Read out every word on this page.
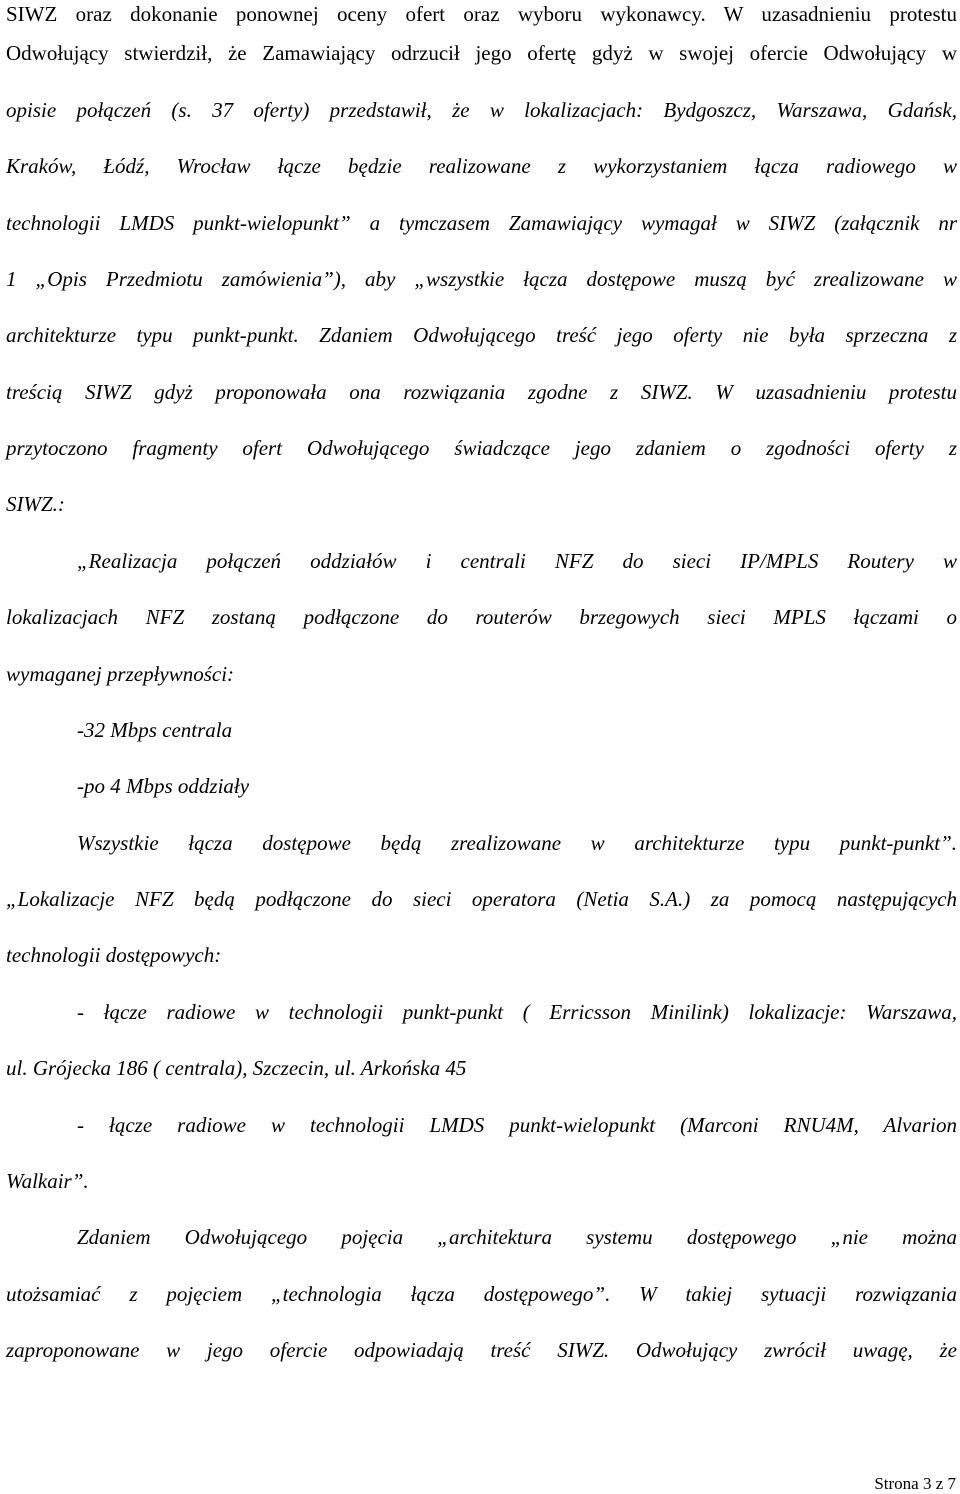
SIWZ oraz dokonanie ponownej oceny ofert oraz wyboru wykonawcy. W uzasadnieniu protestu
Odwołujący stwierdził, że Zamawiający odrzucił jego ofertę gdyż w swojej ofercie Odwołujący w
opisie połączeń (s. 37 oferty) przedstawił, że w lokalizacjach: Bydgoszcz, Warszawa, Gdańsk,
Kraków, Łódź, Wrocław łącze będzie realizowane z wykorzystaniem łącza radiowego w
technologii LMDS punkt-wielopunkt” a tymczasem Zamawiający wymagał w SIWZ (załącznik nr
1 „Opis Przedmiotu zamówienia”), aby „wszystkie łącza dostępowe muszą być zrealizowane w
architekturze typu punkt-punkt. Zdaniem Odwołującego treść jego oferty nie była sprzeczna z
treścią SIWZ gdyż proponowała ona rozwiązania zgodne z SIWZ. W uzasadnieniu protestu
przytoczono fragmenty ofert Odwołującego świadczące jego zdaniem o zgodności oferty z
SIWZ.:
„Realizacja połączeń oddziałów i centrali NFZ do sieci IP/MPLS Routery w
lokalizacjach NFZ zostaną podłączone do routerów brzegowych sieci MPLS łączami o
wymaganej przepływności:
-32 Mbps centrala
-po 4 Mbps oddziały
Wszystkie łącza dostępowe będą zrealizowane w architekturze typu punkt-punkt”.
„Lokalizacje NFZ będą podłączone do sieci operatora (Netia S.A.) za pomocą następujących
technologii dostępowych:
- łącze radiowe w technologii punkt-punkt ( Erricsson Minilink) lokalizacje: Warszawa,
ul. Grójecka 186 ( centrala), Szczecin, ul. Arkońska 45
- łącze radiowe w technologii LMDS punkt-wielopunkt (Marconi RNU4M, Alvarion
Walkair”.
Zdaniem Odwołującego pojęcia „architektura systemu dostępowego „nie można
utożsamiać z pojęciem „technologia łącza dostępowego”. W takiej sytuacji rozwiązania
zaproponowane w jego ofercie odpowiadają treść SIWZ. Odwołujący zwrócił uwagę, że
Strona 3 z 7
